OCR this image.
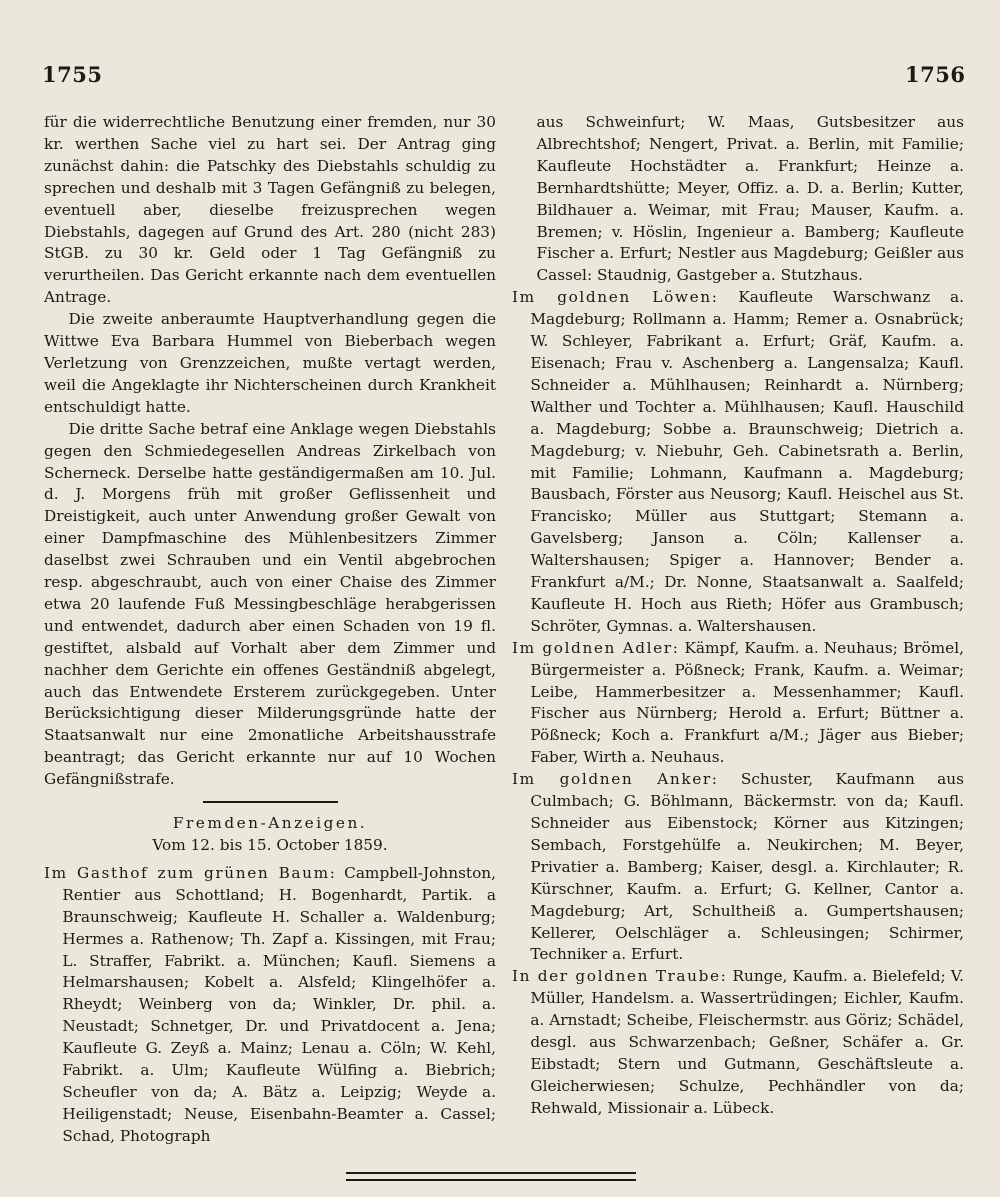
1755	1756

für die widerrechtliche Benutzung einer fremden, nur 30 kr. werthen Sache viel zu hart sei. Der Antrag ging zunächst dahin: die Patschky des Diebstahls schuldig zu sprechen und deshalb mit 3 Tagen Gefängniß zu belegen, eventuell aber, dieselbe freizusprechen wegen Diebstahls, dagegen auf Grund des Art. 280 (nicht 283) StGB. zu 30 kr. Geld oder 1 Tag Gefängniß zu verurtheilen. Das Gericht erkannte nach dem eventuellen Antrage.

Die zweite anberaumte Hauptverhandlung gegen die Wittwe Eva Barbara Hummel von Bieberbach wegen Verletzung von Grenzzeichen, mußte vertagt werden, weil die Angeklagte ihr Nichterscheinen durch Krankheit entschuldigt hatte.

Die dritte Sache betraf eine Anklage wegen Diebstahls gegen den Schmiedegesellen Andreas Zirkelbach von Scherneck. Derselbe hatte geständigermaßen am 10. Jul. d. J. Morgens früh mit großer Geflissenheit und Dreistigkeit, auch unter Anwendung großer Gewalt von einer Dampfmaschine des Mühlenbesitzers Zimmer daselbst zwei Schrauben und ein Ventil abgebrochen resp. abgeschraubt, auch von einer Chaise des Zimmer etwa 20 laufende Fuß Messingbeschläge herabgerissen und entwendet, dadurch aber einen Schaden von 19 fl. gestiftet, alsbald auf Vorhalt aber dem Zimmer und nachher dem Gerichte ein offenes Geständniß abgelegt, auch das Entwendete Ersterem zurückgegeben. Unter Berücksichtigung dieser Milderungsgründe hatte der Staatsanwalt nur eine 2monatliche Arbeitshausstrafe beantragt; das Gericht erkannte nur auf 10 Wochen Gefängnißstrafe.

Fremden-Anzeigen.

Vom 12. bis 15. October 1859.

Im Gasthof zum grünen Baum: Campbell-Johnston, Rentier aus Schottland; H. Bogenhardt, Partik. a Braunschweig; Kaufleute H. Schaller a. Waldenburg; Hermes a. Rathenow; Th. Zapf a. Kissingen, mit Frau; L. Straffer, Fabrikt. a. München; Kaufl. Siemens a Helmarshausen; Kobelt a. Alsfeld; Klingelhöfer a. Rheydt; Weinberg von da; Winkler, Dr. phil. a. Neustadt; Schnetger, Dr. und Privatdocent a. Jena; Kaufleute G. Zeyß a. Mainz; Lenau a. Cöln; W. Kehl, Fabrikt. a. Ulm; Kaufleute Wülfing a. Biebrich; Scheufler von da; A. Bätz a. Leipzig; Weyde a. Heiligenstadt; Neuse, Eisenbahn-Beamter a. Cassel; Schad, Photograph

aus Schweinfurt; W. Maas, Gutsbesitzer aus Albrechtshof; Nengert, Privat. a. Berlin, mit Familie; Kaufleute Hochstädter a. Frankfurt; Heinze a. Bernhardtshütte; Meyer, Offiz. a. D. a. Berlin; Kutter, Bildhauer a. Weimar, mit Frau; Mauser, Kaufm. a. Bremen; v. Höslin, Ingenieur a. Bamberg; Kaufleute Fischer a. Erfurt; Nestler aus Magdeburg; Geißler aus Cassel: Staudnig, Gastgeber a. Stutzhaus.

Im goldnen Löwen: Kaufleute Warschwanz a. Magdeburg; Rollmann a. Hamm; Remer a. Osnabrück; W. Schleyer, Fabrikant a. Erfurt; Gräf, Kaufm. a. Eisenach; Frau v. Aschenberg a. Langensalza; Kaufl. Schneider a. Mühlhausen; Reinhardt a. Nürnberg; Walther und Tochter a. Mühlhausen; Kaufl. Hauschild a. Magdeburg; Sobbe a. Braunschweig; Dietrich a. Magdeburg; v. Niebuhr, Geh. Cabinetsrath a. Berlin, mit Familie; Lohmann, Kaufmann a. Magdeburg; Bausbach, Förster aus Neusorg; Kaufl. Heischel aus St. Francisko; Müller aus Stuttgart; Stemann a. Gavelsberg; Janson a. Cöln; Kallenser a. Waltershausen; Spiger a. Hannover; Bender a. Frankfurt a/M.; Dr. Nonne, Staatsanwalt a. Saalfeld; Kaufleute H. Hoch aus Rieth; Höfer aus Grambusch; Schröter, Gymnas. a. Waltershausen.

Im goldnen Adler: Kämpf, Kaufm. a. Neuhaus; Brömel, Bürgermeister a. Pößneck; Frank, Kaufm. a. Weimar; Leibe, Hammerbesitzer a. Messenhammer; Kaufl. Fischer aus Nürnberg; Herold a. Erfurt; Büttner a. Pößneck; Koch a. Frankfurt a/M.; Jäger aus Bieber; Faber, Wirth a. Neuhaus.

Im goldnen Anker: Schuster, Kaufmann aus Culmbach; G. Böhlmann, Bäckermstr. von da; Kaufl. Schneider aus Eibenstock; Körner aus Kitzingen; Sembach, Forstgehülfe a. Neukirchen; M. Beyer, Privatier a. Bamberg; Kaiser, desgl. a. Kirchlauter; R. Kürschner, Kaufm. a. Erfurt; G. Kellner, Cantor a. Magdeburg; Art, Schultheiß a. Gumpertshausen; Kellerer, Oelschläger a. Schleusingen; Schirmer, Techniker a. Erfurt.

In der goldnen Traube: Runge, Kaufm. a. Bielefeld; V. Müller, Handelsm. a. Wassertrüdingen; Eichler, Kaufm. a. Arnstadt; Scheibe, Fleischermstr. aus Göriz; Schädel, desgl. aus Schwarzenbach; Geßner, Schäfer a. Gr. Eibstadt; Stern und Gutmann, Geschäftsleute a. Gleicherwiesen; Schulze, Pechhändler von da; Rehwald, Missionair a. Lübeck.
